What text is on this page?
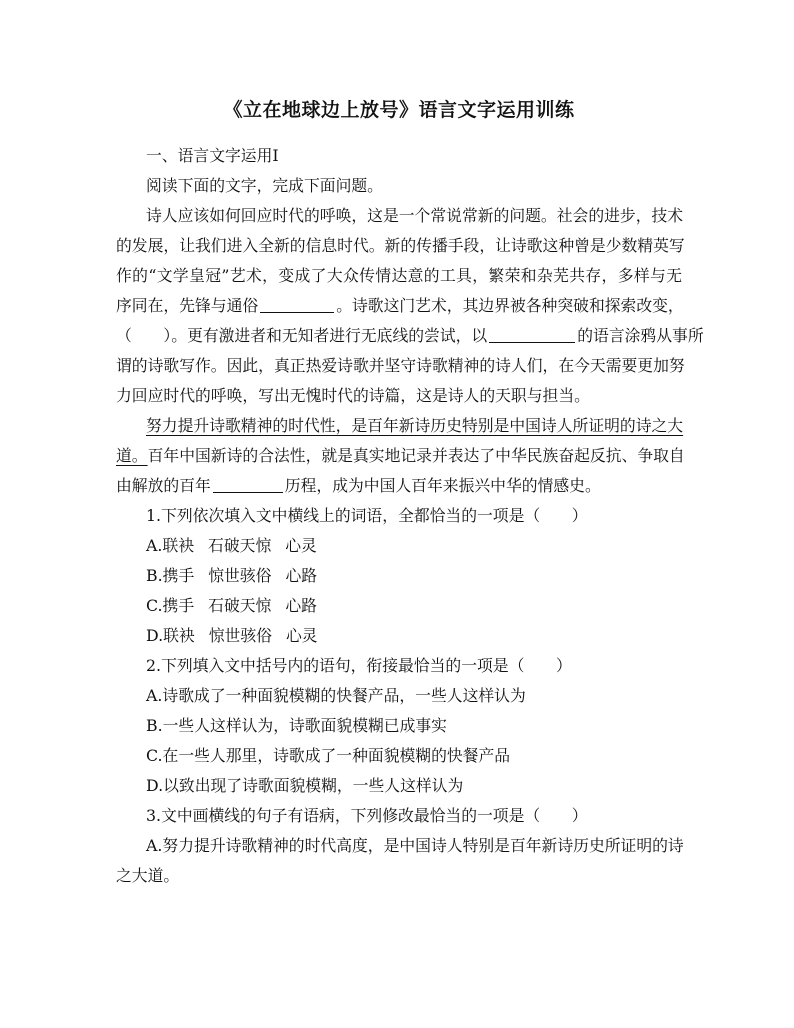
《立在地球边上放号》语言文字运用训练
一、语言文字运用Ⅰ
阅读下面的文字，完成下面问题。
诗人应该如何回应时代的呼唤，这是一个常说常新的问题。社会的进步，技术
的发展，让我们进入全新的信息时代。新的传播手段，让诗歌这种曾是少数精英写
作的“文学皇冠”艺术，变成了大众传情达意的工具，繁荣和杂芜共存，多样与无
序同在，先锋与通俗	。诗歌这门艺术，其边界被各种突破和探索改变，
（　　）。更有激进者和无知者进行无底线的尝试，以	的语言涂鸦从事所
谓的诗歌写作。因此，真正热爱诗歌并坚守诗歌精神的诗人们，在今天需要更加努
力回应时代的呼唤，写出无愧时代的诗篇，这是诗人的天职与担当。
努力提升诗歌精神的时代性，是百年新诗历史特别是中国诗人所证明的诗之大
道。百年中国新诗的合法性，就是真实地记录并表达了中华民族奋起反抗、争取自
由解放的百年	历程，成为中国人百年来振兴中华的情感史。
1.下列依次填入文中横线上的词语，全都恰当的一项是（　　）
A.联袂 石破天惊 心灵
B.携手 惊世骇俗 心路
C.携手 石破天惊 心路
D.联袂 惊世骇俗 心灵
2.下列填入文中括号内的语句，衔接最恰当的一项是（　　）
A.诗歌成了一种面貌模糊的快餐产品，一些人这样认为
B.一些人这样认为，诗歌面貌模糊已成事实
C.在一些人那里，诗歌成了一种面貌模糊的快餐产品
D.以致出现了诗歌面貌模糊，一些人这样认为
3.文中画横线的句子有语病，下列修改最恰当的一项是（　　）
A.努力提升诗歌精神的时代高度，是中国诗人特别是百年新诗历史所证明的诗
之大道。
